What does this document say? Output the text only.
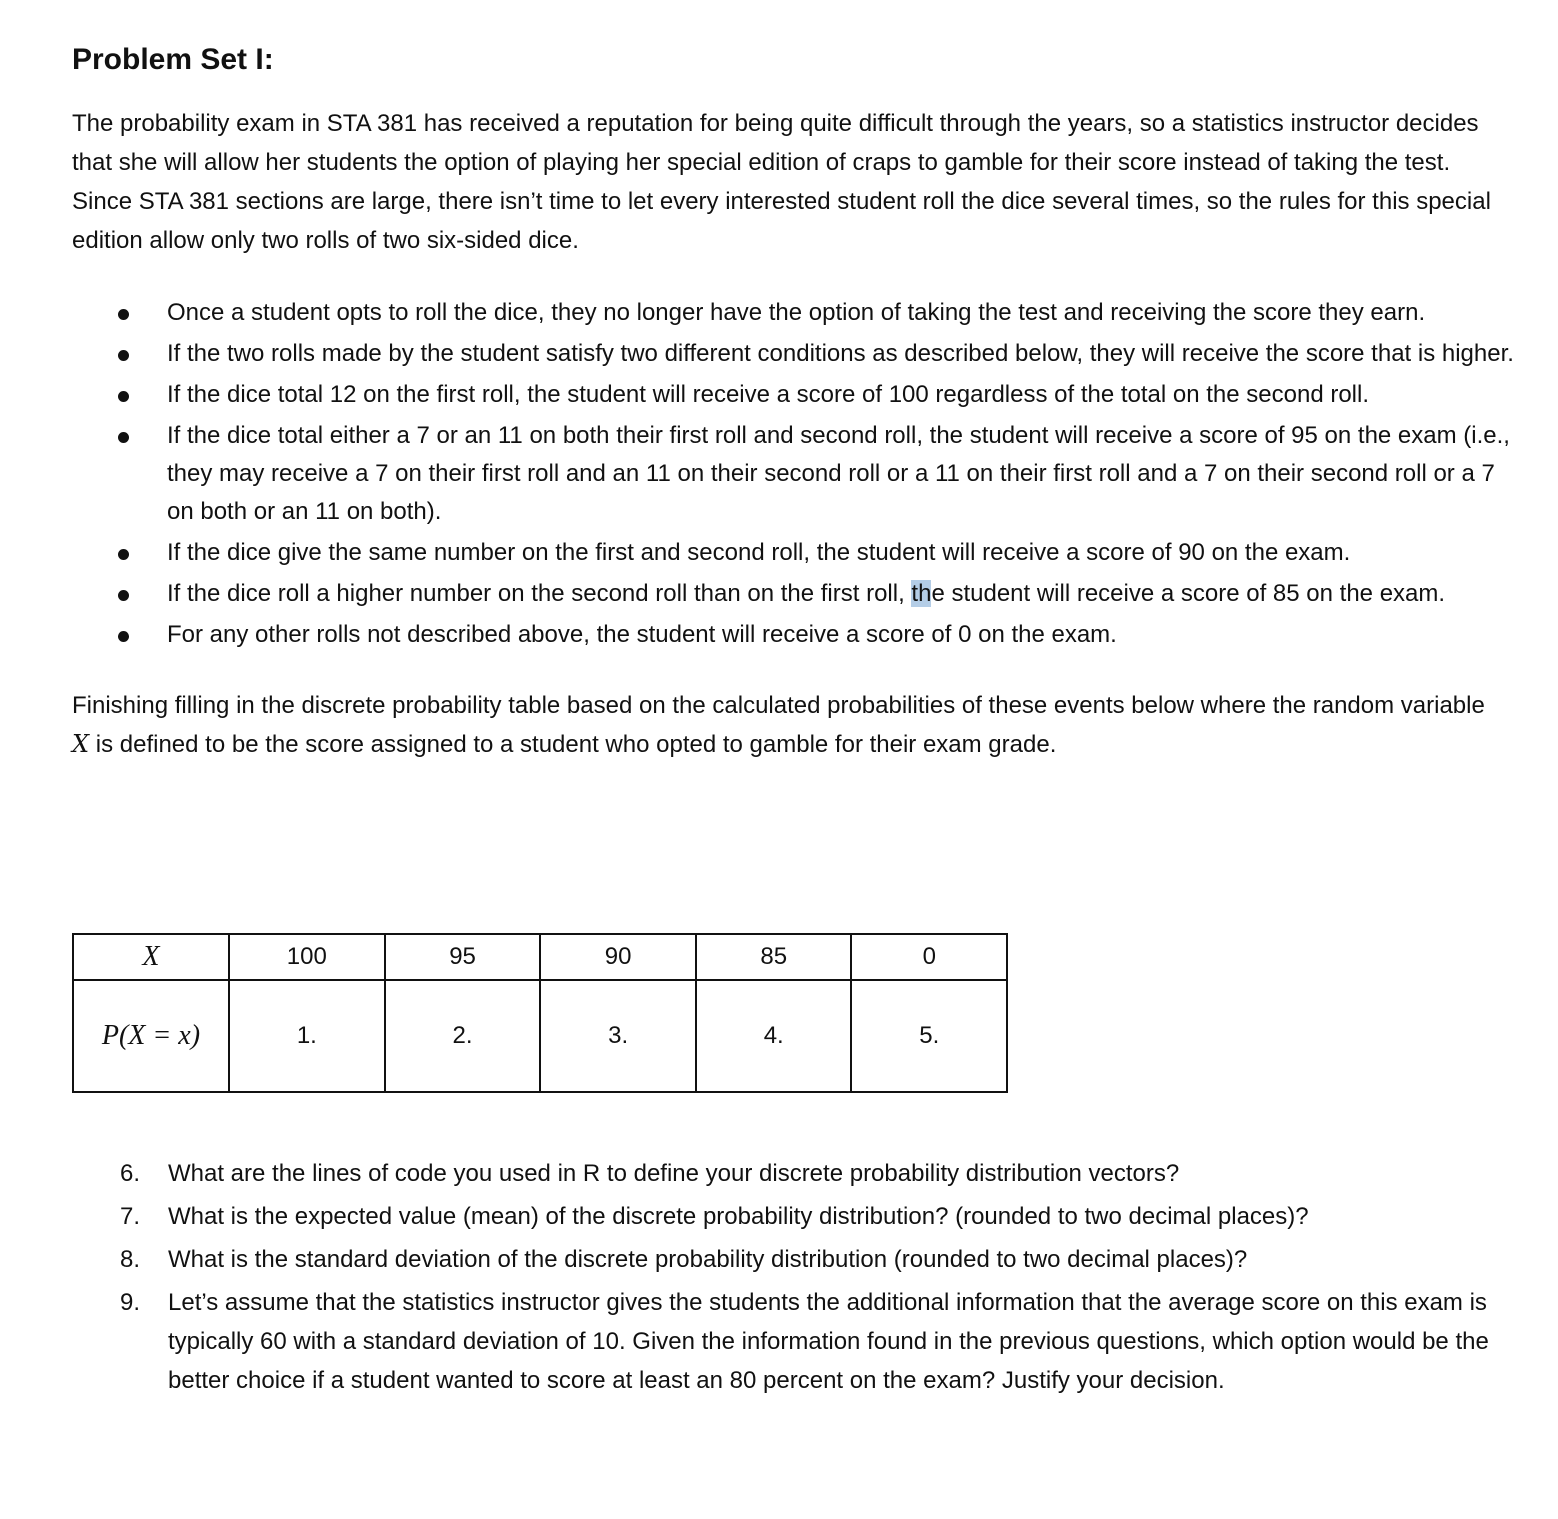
Problem Set I:
The probability exam in STA 381 has received a reputation for being quite difficult through the years, so a statistics instructor decides that she will allow her students the option of playing her special edition of craps to gamble for their score instead of taking the test. Since STA 381 sections are large, there isn’t time to let every interested student roll the dice several times, so the rules for this special edition allow only two rolls of two six-sided dice.
Once a student opts to roll the dice, they no longer have the option of taking the test and receiving the score they earn.
If the two rolls made by the student satisfy two different conditions as described below, they will receive the score that is higher.
If the dice total 12 on the first roll, the student will receive a score of 100 regardless of the total on the second roll.
If the dice total either a 7 or an 11 on both their first roll and second roll, the student will receive a score of 95 on the exam (i.e., they may receive a 7 on their first roll and an 11 on their second roll or a 11 on their first roll and a 7 on their second roll or a 7 on both or an 11 on both).
If the dice give the same number on the first and second roll, the student will receive a score of 90 on the exam.
If the dice roll a higher number on the second roll than on the first roll, the student will receive a score of 85 on the exam.
For any other rolls not described above, the student will receive a score of 0 on the exam.
Finishing filling in the discrete probability table based on the calculated probabilities of these events below where the random variable X is defined to be the score assigned to a student who opted to gamble for their exam grade.
X	100	95	90	85	0
P(X = x)	1.	2.	3.	4.	5.
6. What are the lines of code you used in R to define your discrete probability distribution vectors?
7. What is the expected value (mean) of the discrete probability distribution? (rounded to two decimal places)?
8. What is the standard deviation of the discrete probability distribution (rounded to two decimal places)?
9. Let’s assume that the statistics instructor gives the students the additional information that the average score on this exam is typically 60 with a standard deviation of 10. Given the information found in the previous questions, which option would be the better choice if a student wanted to score at least an 80 percent on the exam? Justify your decision.
